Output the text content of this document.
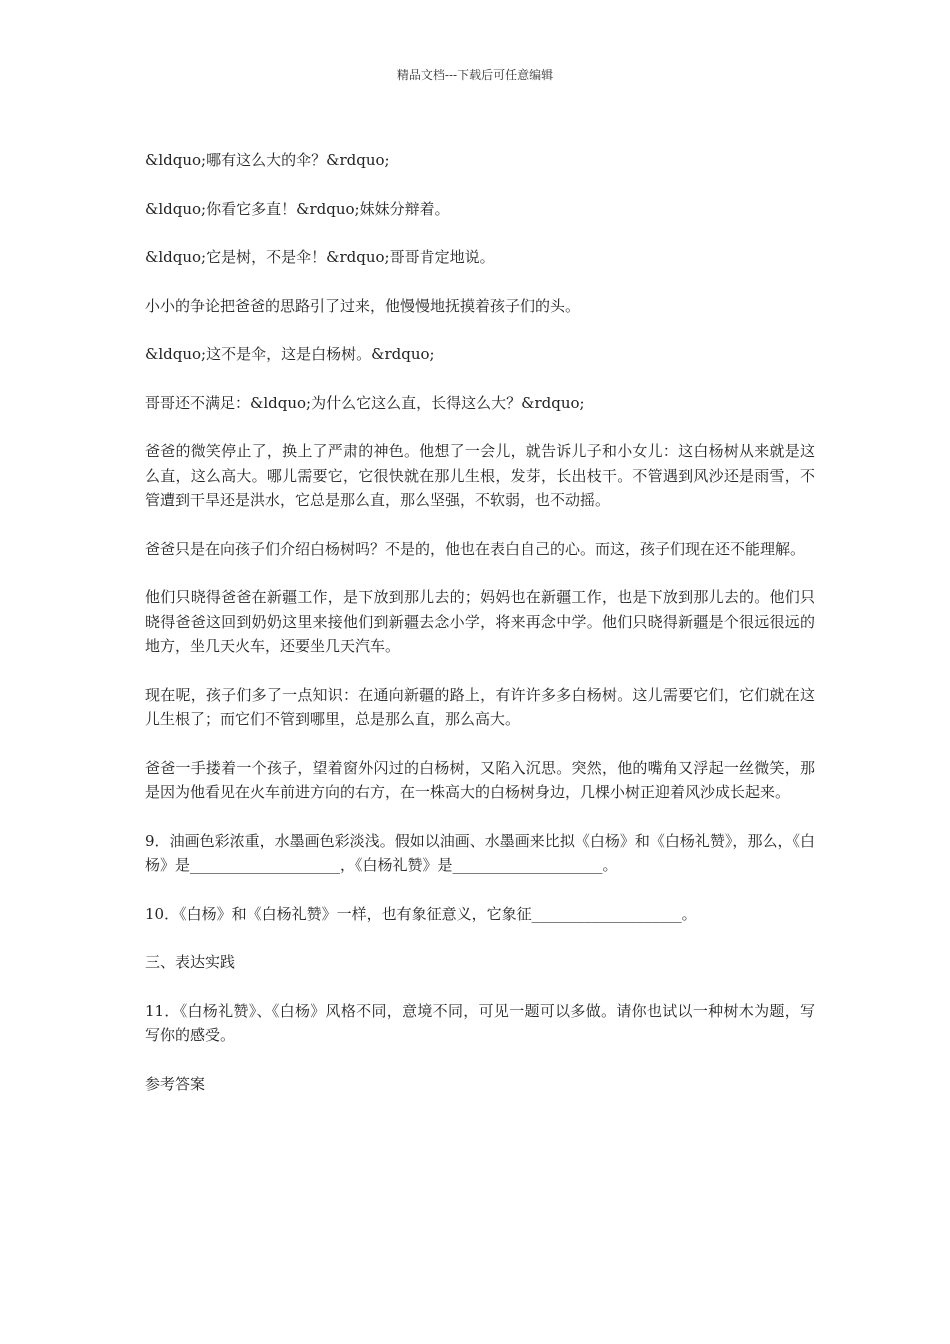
精品文档---下载后可任意编辑

&ldquo;哪有这么大的伞？&rdquo;

&ldquo;你看它多直！&rdquo;妹妹分辩着。

&ldquo;它是树，不是伞！&rdquo;哥哥肯定地说。

小小的争论把爸爸的思路引了过来，他慢慢地抚摸着孩子们的头。

&ldquo;这不是伞，这是白杨树。&rdquo;

哥哥还不满足：&ldquo;为什么它这么直，长得这么大？&rdquo;

爸爸的微笑停止了，换上了严肃的神色。他想了一会儿，就告诉儿子和小女儿：这白杨树从来就是这么直，这么高大。哪儿需要它，它很快就在那儿生根，发芽，长出枝干。不管遇到风沙还是雨雪，不管遭到干旱还是洪水，它总是那么直，那么坚强，不软弱，也不动摇。

爸爸只是在向孩子们介绍白杨树吗？不是的，他也在表白自己的心。而这，孩子们现在还不能理解。

他们只晓得爸爸在新疆工作，是下放到那儿去的；妈妈也在新疆工作，也是下放到那儿去的。他们只晓得爸爸这回到奶奶这里来接他们到新疆去念小学，将来再念中学。他们只晓得新疆是个很远很远的地方，坐几天火车，还要坐几天汽车。

现在呢，孩子们多了一点知识：在通向新疆的路上，有许许多多白杨树。这儿需要它们，它们就在这儿生根了；而它们不管到哪里，总是那么直，那么高大。

爸爸一手搂着一个孩子，望着窗外闪过的白杨树，又陷入沉思。突然，他的嘴角又浮起一丝微笑，那是因为他看见在火车前进方向的右方，在一株高大的白杨树身边，几棵小树正迎着风沙成长起来。

9．油画色彩浓重，水墨画色彩淡浅。假如以油画、水墨画来比拟《白杨》和《白杨礼赞》，那么，《白杨》是____________________，《白杨礼赞》是____________________。

10．《白杨》和《白杨礼赞》一样，也有象征意义，它象征____________________。

三、表达实践

11．《白杨礼赞》、《白杨》风格不同，意境不同，可见一题可以多做。请你也试以一种树木为题，写写你的感受。

参考答案
